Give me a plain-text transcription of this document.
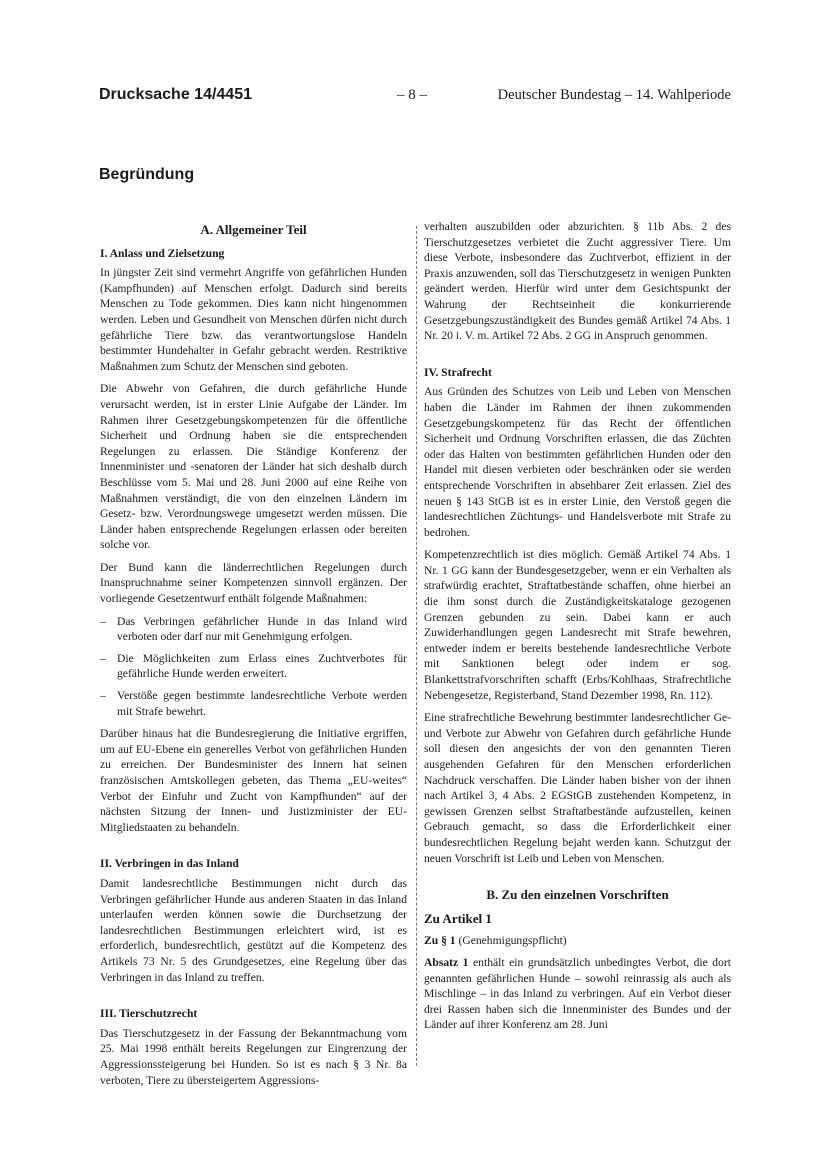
Drucksache 14/4451	– 8 –	Deutscher Bundestag – 14. Wahlperiode
Begründung
A. Allgemeiner Teil
I. Anlass und Zielsetzung

In jüngster Zeit sind vermehrt Angriffe von gefährlichen Hunden (Kampfhunden) auf Menschen erfolgt. Dadurch sind bereits Menschen zu Tode gekommen. Dies kann nicht hingenommen werden. Leben und Gesundheit von Menschen dürfen nicht durch gefährliche Tiere bzw. das verantwortungslose Handeln bestimmter Hundehalter in Gefahr gebracht werden. Restriktive Maßnahmen zum Schutz der Menschen sind geboten.

Die Abwehr von Gefahren, die durch gefährliche Hunde verursacht werden, ist in erster Linie Aufgabe der Länder. Im Rahmen ihrer Gesetzgebungskompetenzen für die öffentliche Sicherheit und Ordnung haben sie die entsprechenden Regelungen zu erlassen. Die Ständige Konferenz der Innenminister und -senatoren der Länder hat sich deshalb durch Beschlüsse vom 5. Mai und 28. Juni 2000 auf eine Reihe von Maßnahmen verständigt, die von den einzelnen Ländern im Gesetz- bzw. Verordnungswege umgesetzt werden müssen. Die Länder haben entsprechende Regelungen erlassen oder bereiten solche vor.

Der Bund kann die länderrechtlichen Regelungen durch Inanspruchnahme seiner Kompetenzen sinnvoll ergänzen. Der vorliegende Gesetzentwurf enthält folgende Maßnahmen:

– Das Verbringen gefährlicher Hunde in das Inland wird verboten oder darf nur mit Genehmigung erfolgen.
– Die Möglichkeiten zum Erlass eines Zuchtverbotes für gefährliche Hunde werden erweitert.
– Verstöße gegen bestimmte landesrechtliche Verbote werden mit Strafe bewehrt.

Darüber hinaus hat die Bundesregierung die Initiative ergriffen, um auf EU-Ebene ein generelles Verbot von gefährlichen Hunden zu erreichen. Der Bundesminister des Innern hat seinen französischen Amtskollegen gebeten, das Thema „EU-weites“ Verbot der Einfuhr und Zucht von Kampfhunden“ auf der nächsten Sitzung der Innen- und Justizminister der EU-Mitgliedstaaten zu behandeln.

II. Verbringen in das Inland

Damit landesrechtliche Bestimmungen nicht durch das Verbringen gefährlicher Hunde aus anderen Staaten in das Inland unterlaufen werden können sowie die Durchsetzung der landesrechtlichen Bestimmungen erleichtert wird, ist es erforderlich, bundesrechtlich, gestützt auf die Kompetenz des Artikels 73 Nr. 5 des Grundgesetzes, eine Regelung über das Verbringen in das Inland zu treffen.

III. Tierschutzrecht

Das Tierschutzgesetz in der Fassung der Bekanntmachung vom 25. Mai 1998 enthält bereits Regelungen zur Eingrenzung der Aggressionssteigerung bei Hunden. So ist es nach § 3 Nr. 8a verboten, Tiere zu übersteigertem Aggressions-

verhalten auszubilden oder abzurichten. § 11b Abs. 2 des Tierschutzgesetzes verbietet die Zucht aggressiver Tiere. Um diese Verbote, insbesondere das Zuchtverbot, effizient in der Praxis anzuwenden, soll das Tierschutzgesetz in wenigen Punkten geändert werden. Hierfür wird unter dem Gesichtspunkt der Wahrung der Rechtseinheit die konkurrierende Gesetzgebungszuständigkeit des Bundes gemäß Artikel 74 Abs. 1 Nr. 20 i. V. m. Artikel 72 Abs. 2 GG in Anspruch genommen.

IV. Strafrecht

Aus Gründen des Schutzes von Leib und Leben von Menschen haben die Länder im Rahmen der ihnen zukommenden Gesetzgebungskompetenz für das Recht der öffentlichen Sicherheit und Ordnung Vorschriften erlassen, die das Züchten oder das Halten von bestimmten gefährlichen Hunden oder den Handel mit diesen verbieten oder beschränken oder sie werden entsprechende Vorschriften in absehbarer Zeit erlassen. Ziel des neuen § 143 StGB ist es in erster Linie, den Verstoß gegen die landesrechtlichen Züchtungs- und Handelsverbote mit Strafe zu bedrohen.

Kompetenzrechtlich ist dies möglich. Gemäß Artikel 74 Abs. 1 Nr. 1 GG kann der Bundesgesetzgeber, wenn er ein Verhalten als strafwürdig erachtet, Straftatbestände schaffen, ohne hierbei an die ihm sonst durch die Zuständigkeitskataloge gezogenen Grenzen gebunden zu sein. Dabei kann er auch Zuwiderhandlungen gegen Landesrecht mit Strafe bewehren, entweder indem er bereits bestehende landesrechtliche Verbote mit Sanktionen belegt oder indem er sog. Blankettstrafvorschriften schafft (Erbs/Kohlhaas, Strafrechtliche Nebengesetze, Registerband, Stand Dezember 1998, Rn. 112).

Eine strafrechtliche Bewehrung bestimmter landesrechtlicher Ge- und Verbote zur Abwehr von Gefahren durch gefährliche Hunde soll diesen den angesichts der von den genannten Tieren ausgehenden Gefahren für den Menschen erforderlichen Nachdruck verschaffen. Die Länder haben bisher von der ihnen nach Artikel 3, 4 Abs. 2 EGStGB zustehenden Kompetenz, in gewissen Grenzen selbst Straftatbestände aufzustellen, keinen Gebrauch gemacht, so dass die Erforderlichkeit einer bundesrechtlichen Regelung bejaht werden kann. Schutzgut der neuen Vorschrift ist Leib und Leben von Menschen.

B. Zu den einzelnen Vorschriften
Zu Artikel 1
Zu § 1 (Genehmigungspflicht)

Absatz 1 enthält ein grundsätzlich unbedingtes Verbot, die dort genannten gefährlichen Hunde – sowohl reinrassig als auch als Mischlinge – in das Inland zu verbringen. Auf ein Verbot dieser drei Rassen haben sich die Innenminister des Bundes und der Länder auf ihrer Konferenz am 28. Juni
